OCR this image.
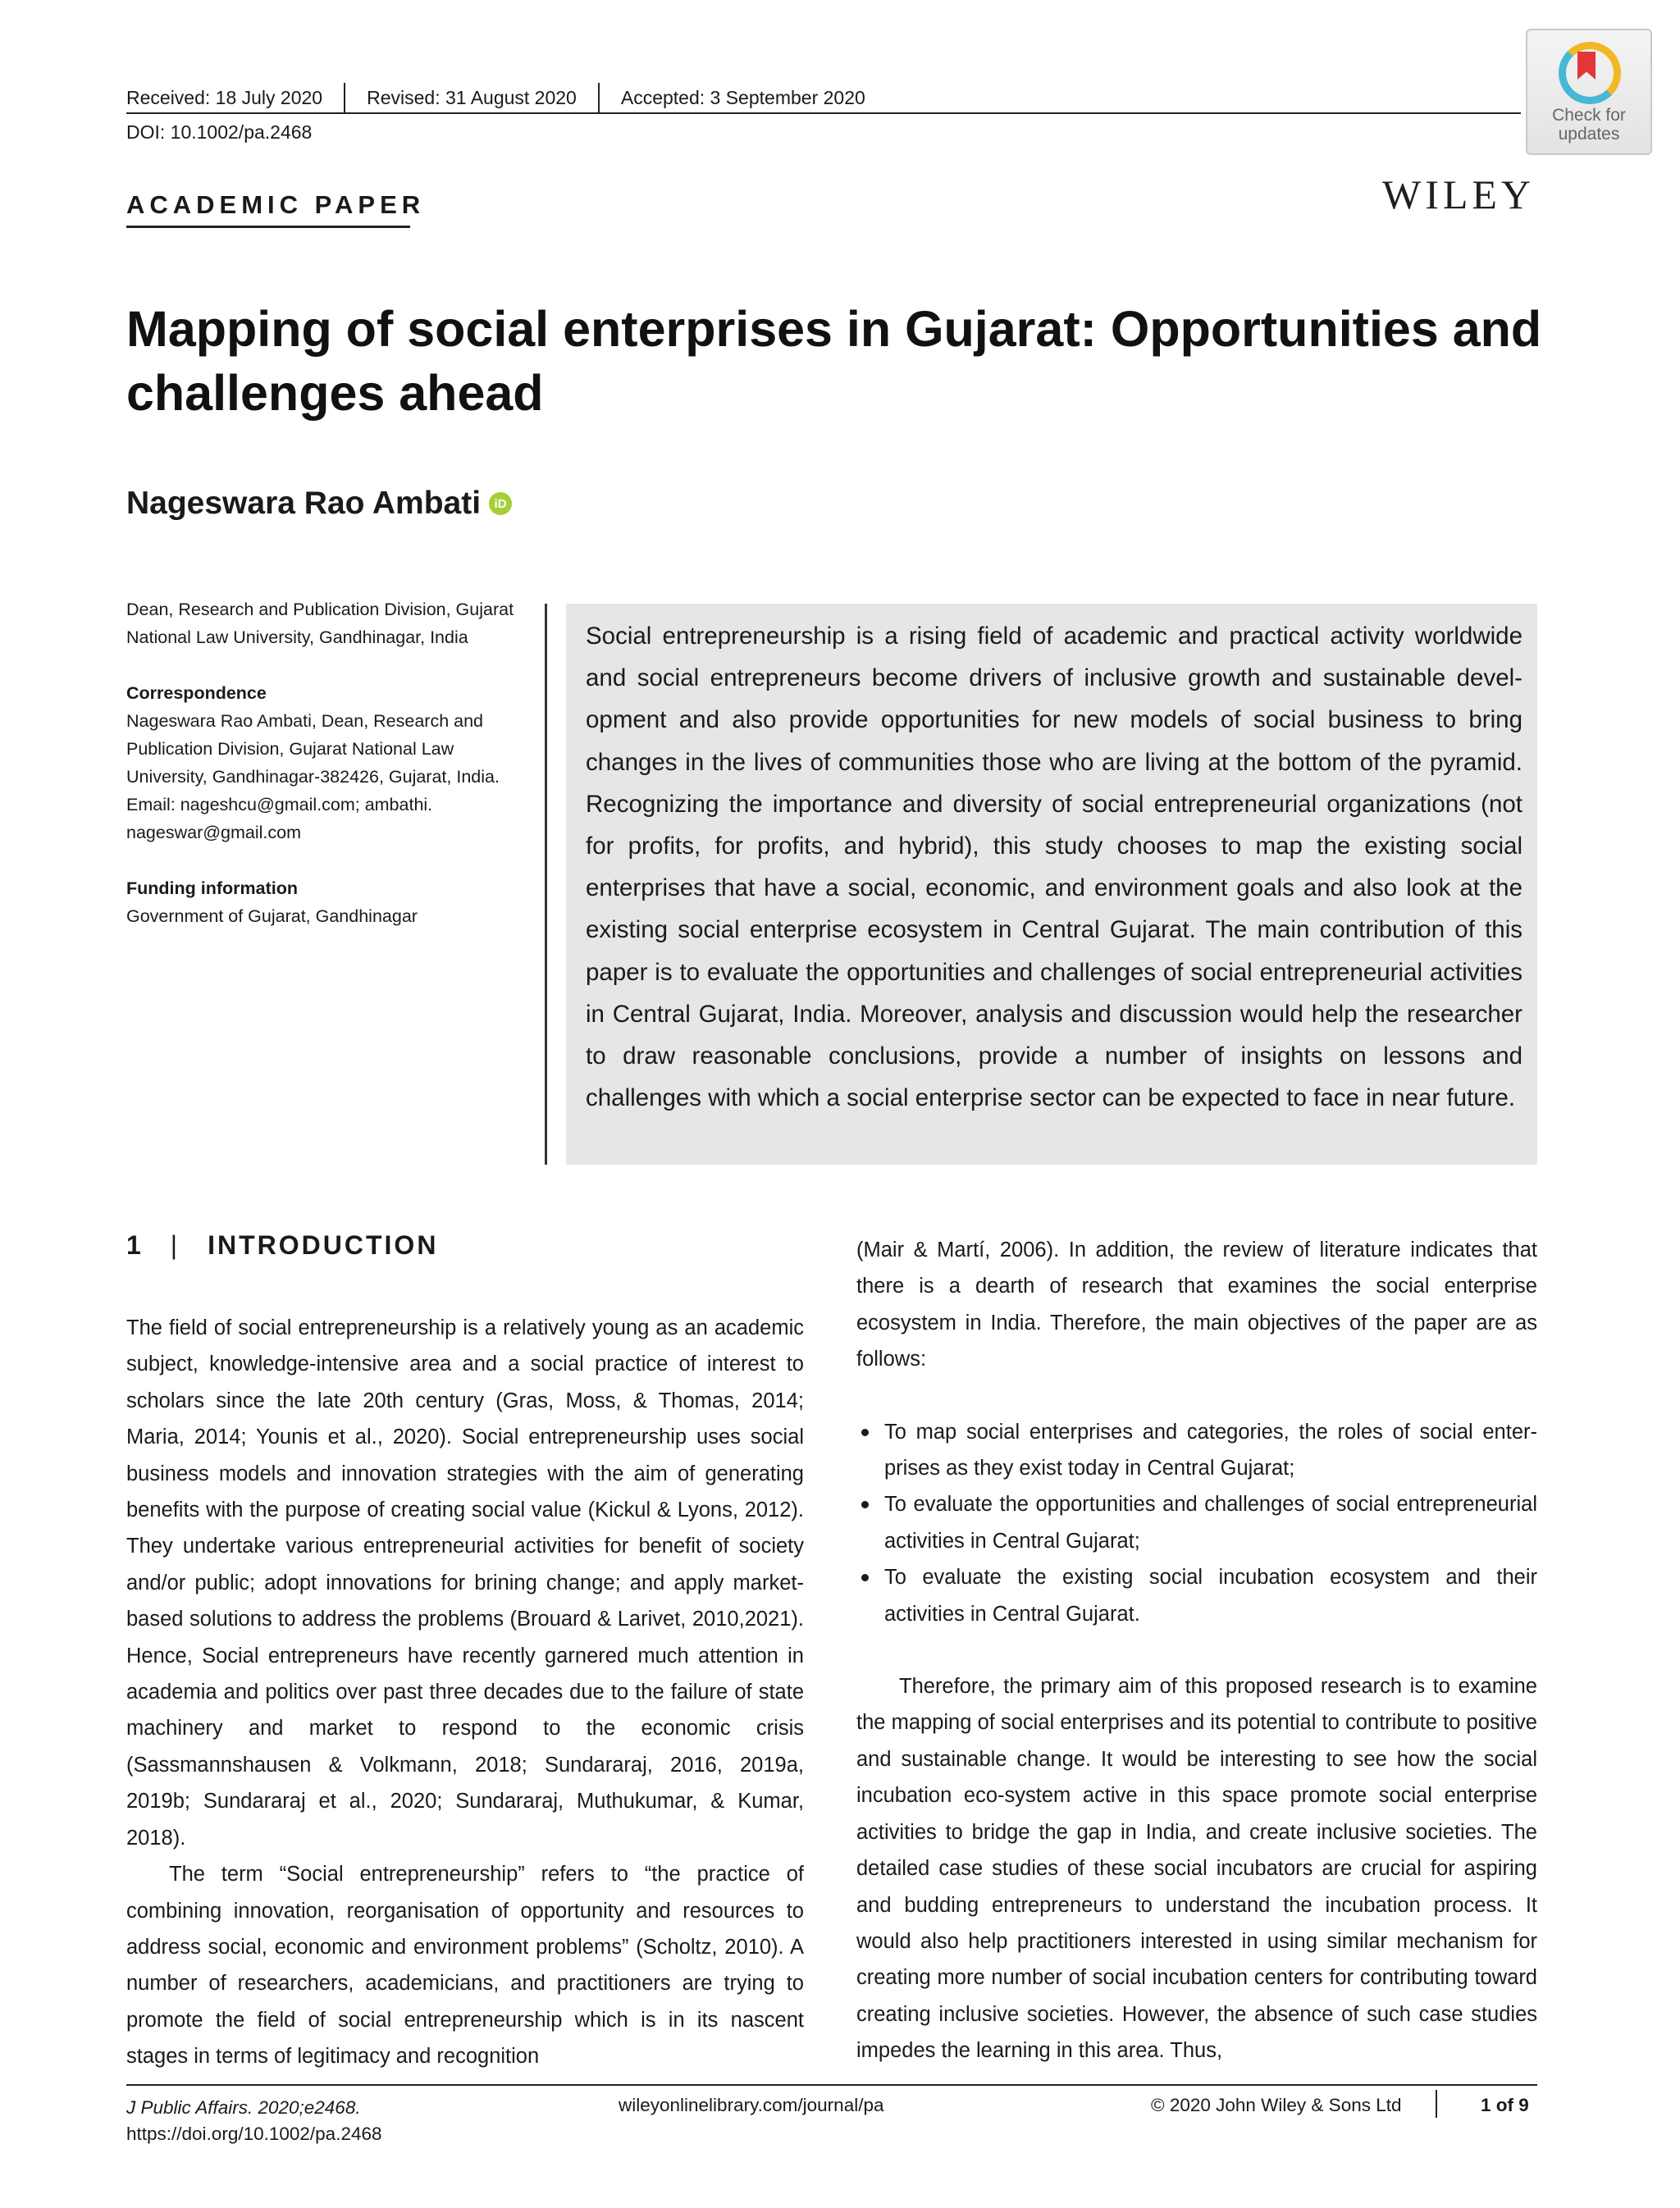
Received: 18 July 2020 Revised: 31 August 2020 Accepted: 3 September 2020
DOI: 10.1002/pa.2468
Check for
updates
WILEY
ACADEMIC PAPER
Mapping of social enterprises in Gujarat: Opportunities and challenges ahead
Nageswara Rao Ambati	iD

Dean, Research and Publication Division, Gujarat National Law University, Gandhinagar, India

Correspondence

Nageswara Rao Ambati, Dean, Research and Publication Division, Gujarat National Law University, Gandhinagar-382426, Gujarat, India.

Email: nageshcu@gmail.com; ambathi. nageswar@gmail.com

Funding information

Government of Gujarat, Gandhinagar

Social entrepreneurship is a rising field of academic and practical activity worldwide and social entrepreneurs become drivers of inclusive growth and sustainable development and also provide opportunities for new models of social business to bring changes in the lives of communities those who are living at the bottom of the pyramid. Recognizing the importance and diversity of social entrepreneurial organizations (not for profits, for profits, and hybrid), this study chooses to map the existing social enterprises that have a social, economic, and environment goals and also look at the existing social enterprise ecosystem in Central Gujarat. The main contribution of this paper is to evaluate the opportunities and challenges of social entrepreneurial activities in Central Gujarat, India. Moreover, analysis and discussion would help the researcher to draw reasonable conclusions, provide a number of insights on lessons and challenges with which a social enterprise sector can be expected to face in near future.
1 | INTRODUCTION

The field of social entrepreneurship is a relatively young as an academic subject, knowledge-intensive area and a social practice of interest to scholars since the late 20th century (Gras, Moss, & Thomas, 2014; Maria, 2014; Younis et al., 2020). Social entrepreneurship uses social business models and innovation strategies with the aim of generating benefits with the purpose of creating social value (Kickul & Lyons, 2012). They undertake various entrepreneurial activities for benefit of society and/or public; adopt innovations for brining change; and apply market-based solutions to address the problems (Brouard & Larivet, 2010,2021). Hence, Social entrepreneurs have recently garnered much attention in academia and politics over past three decades due to the failure of state machinery and market to respond to the economic crisis (Sassmannshausen & Volkmann, 2018; Sundararaj, 2016, 2019a, 2019b; Sundararaj et al., 2020; Sundararaj, Muthukumar, & Kumar, 2018).

The term “Social entrepreneurship” refers to “the practice of combining innovation, reorganisation of opportunity and resources to address social, economic and environment problems” (Scholtz, 2010). A number of researchers, academicians, and practitioners are trying to promote the field of social entrepreneurship which is in its nascent stages in terms of legitimacy and recognition

(Mair & Martí, 2006). In addition, the review of literature indicates that there is a dearth of research that examines the social enterprise ecosystem in India. Therefore, the main objectives of the paper are as follows:

To map social enterprises and categories, the roles of social enterprises as they exist today in Central Gujarat;
To evaluate the opportunities and challenges of social entrepreneurial activities in Central Gujarat;
To evaluate the existing social incubation ecosystem and their activities in Central Gujarat.

Therefore, the primary aim of this proposed research is to examine the mapping of social enterprises and its potential to contribute to positive and sustainable change. It would be interesting to see how the social incubation eco-system active in this space promote social enterprise activities to bridge the gap in India, and create inclusive societies. The detailed case studies of these social incubators are crucial for aspiring and budding entrepreneurs to understand the incubation process. It would also help practitioners interested in using similar mechanism for creating more number of social incubation centers for contributing toward creating inclusive societies. However, the absence of such case studies impedes the learning in this area. Thus,

J Public Affairs. 2020;e2468.
https://doi.org/10.1002/pa.2468
wileyonlinelibrary.com/journal/pa	© 2020 John Wiley & Sons Ltd	1 of 9
